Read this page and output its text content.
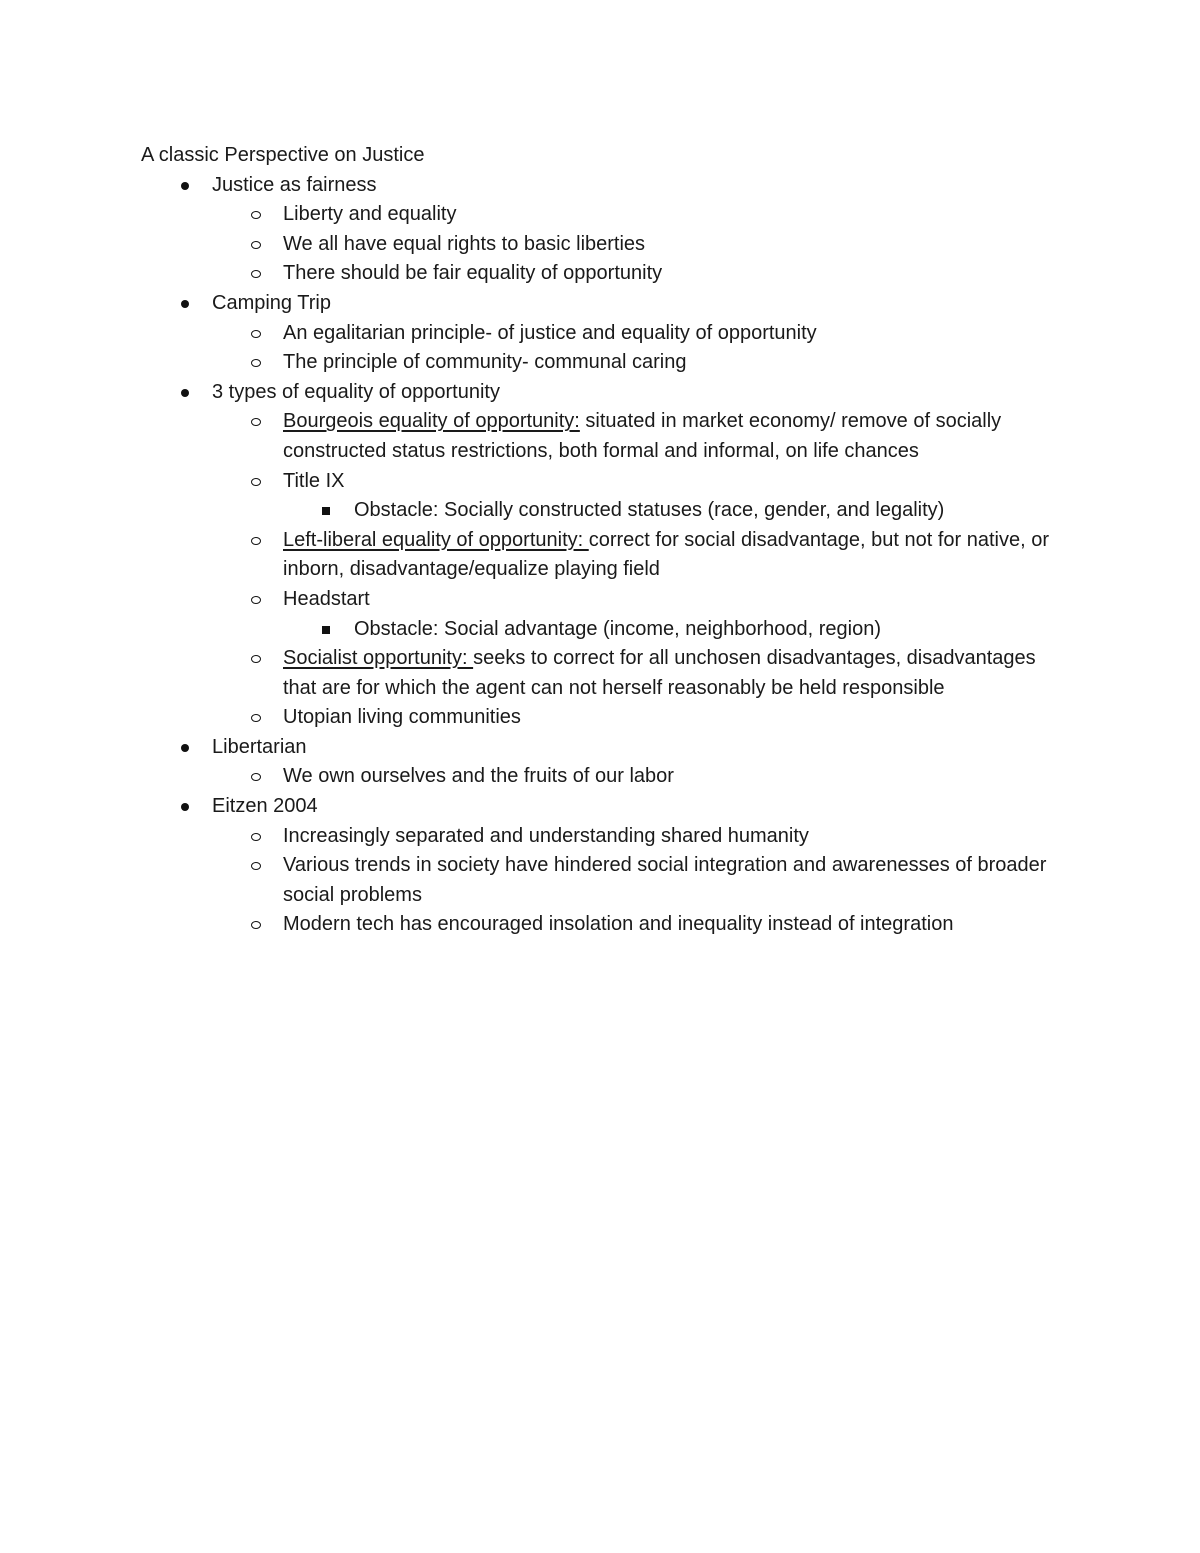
A classic Perspective on Justice
Justice as fairness
Liberty and equality
We all have equal rights to basic liberties
There should be fair equality of opportunity
Camping Trip
An egalitarian principle- of justice and equality of opportunity
The principle of community- communal caring
3 types of equality of opportunity
Bourgeois equality of opportunity: situated in market economy/ remove of socially constructed status restrictions, both formal and informal, on life chances
Title IX
Obstacle: Socially constructed statuses (race, gender, and legality)
Left-liberal equality of opportunity: correct for social disadvantage, but not for native, or inborn, disadvantage/equalize playing field
Headstart
Obstacle: Social advantage (income, neighborhood, region)
Socialist opportunity: seeks to correct for all unchosen disadvantages, disadvantages that are for which the agent can not herself reasonably be held responsible
Utopian living communities
Libertarian
We own ourselves and the fruits of our labor
Eitzen 2004
Increasingly separated and understanding shared humanity
Various trends in society have hindered social integration and awarenesses of broader social problems
Modern tech has encouraged insolation and inequality instead of integration
